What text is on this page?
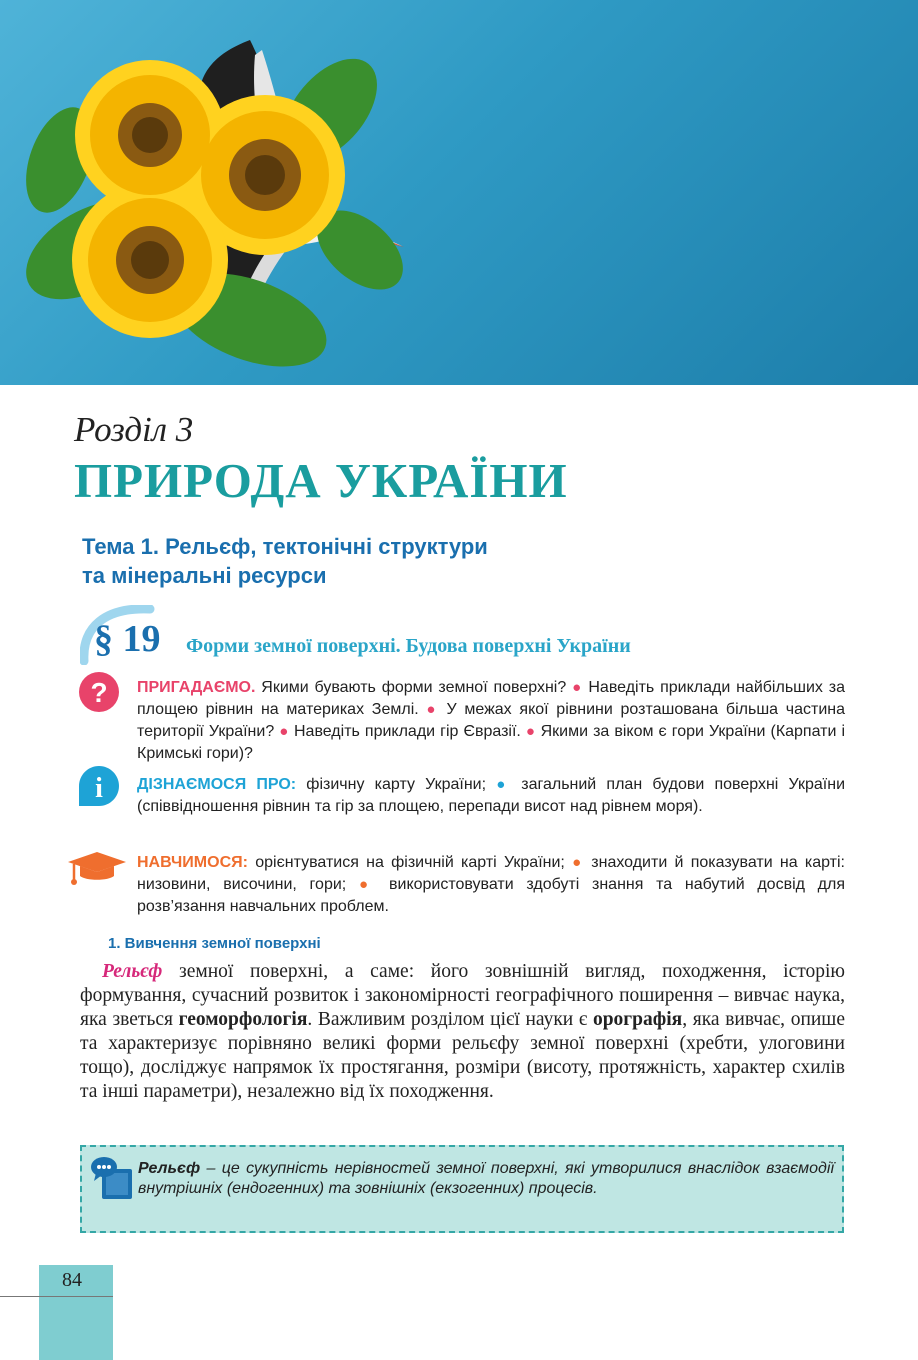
Розділ 3
ПРИРОДА УКРАЇНИ
Тема 1. Рельєф, тектонічні структури
та мінеральні ресурси
§ 19 Форми земної поверхні. Будова поверхні України
? ПРИГАДАЄМО. Якими бувають форми земної поверхні? ● Наведіть приклади найбільших за площею рівнин на материках Землі. ● У межах якої рівнини розташована більша частина території України? ● Наведіть приклади гір Євразії. ● Якими за віком є гори України (Карпати і Кримські гори)?
i ДІЗНАЄМОСЯ ПРО: фізичну карту України; ● загальний план будови поверхні України (співвідношення рівнин та гір за площею, перепади висот над рівнем моря).
НАВЧИМОСЯ: орієнтуватися на фізичній карті України; ● знаходити й показувати на карті: низовини, височини, гори; ● використовувати здобуті знання та набутий досвід для розв’язання навчальних проблем.
1. Вивчення земної поверхні
Рельєф земної поверхні, а саме: його зовнішній вигляд, походження, історію формування, сучасний розвиток і закономірності географічного поширення – вивчає наука, яка зветься геоморфологія. Важливим розділом цієї науки є орографія, яка вивчає, опише та характеризує порівняно великі форми рельєфу земної поверхні (хребти, улоговини тощо), досліджує напрямок їх простягання, розміри (висоту, протяжність, характер схилів та інші параметри), незалежно від їх походження.
Рельєф – це сукупність нерівностей земної поверхні, які утворилися внаслідок взаємодії внутрішніх (ендогенних) та зовнішніх (екзогенних) процесів.
84
